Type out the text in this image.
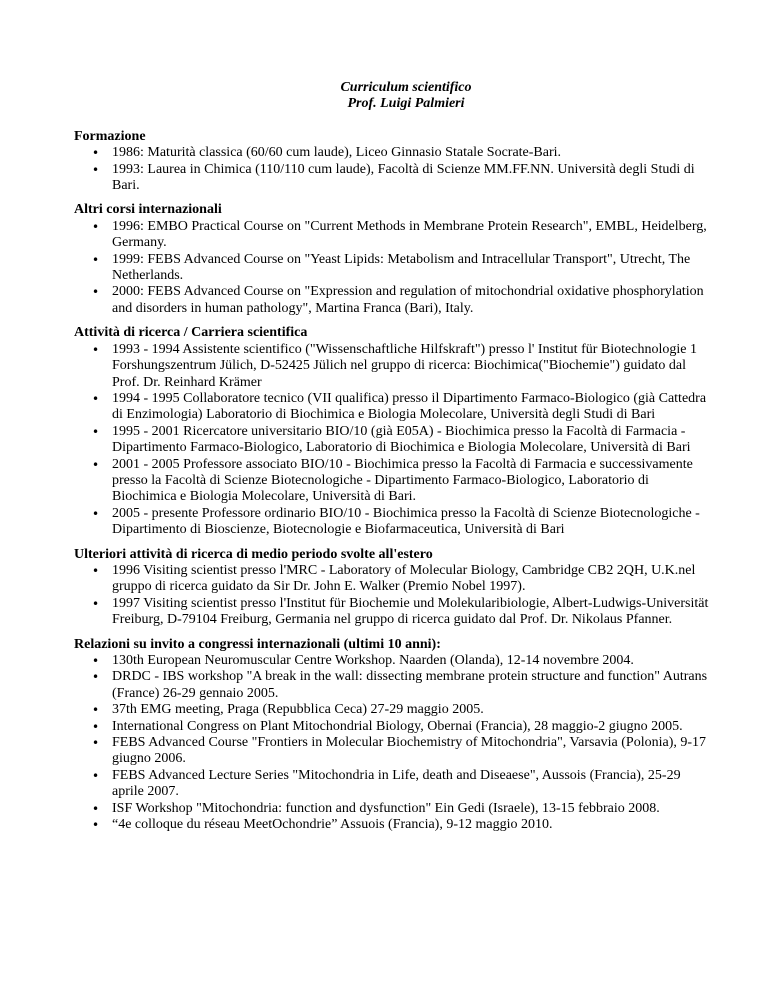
Curriculum scientifico
Prof. Luigi Palmieri
Formazione
• 1986: Maturità classica (60/60 cum laude), Liceo Ginnasio Statale Socrate-Bari.
• 1993: Laurea in Chimica (110/110 cum laude), Facoltà di Scienze MM.FF.NN. Università degli Studi di Bari.
Altri corsi internazionali
• 1996: EMBO Practical Course on "Current Methods in Membrane Protein Research", EMBL, Heidelberg, Germany.
• 1999: FEBS Advanced Course on "Yeast Lipids: Metabolism and Intracellular Transport", Utrecht, The Netherlands.
• 2000: FEBS Advanced Course on "Expression and regulation of mitochondrial oxidative phosphorylation and disorders in human pathology", Martina Franca (Bari), Italy.
Attività di ricerca / Carriera scientifica
• 1993 - 1994 Assistente scientifico ("Wissenschaftliche Hilfskraft") presso l' Institut für Biotechnologie 1 Forshungszentrum Jülich, D-52425 Jülich nel gruppo di ricerca: Biochimica("Biochemie") guidato dal Prof. Dr. Reinhard Krämer
• 1994 - 1995 Collaboratore tecnico (VII qualifica) presso il Dipartimento Farmaco-Biologico (già Cattedra di Enzimologia) Laboratorio di Biochimica e Biologia Molecolare, Università degli Studi di Bari
• 1995 - 2001 Ricercatore universitario BIO/10 (già E05A) - Biochimica presso la Facoltà di Farmacia - Dipartimento Farmaco-Biologico, Laboratorio di Biochimica e Biologia Molecolare, Università di Bari
• 2001 - 2005 Professore associato BIO/10 - Biochimica presso la Facoltà di Farmacia e successivamente presso la Facoltà di Scienze Biotecnologiche - Dipartimento Farmaco-Biologico, Laboratorio di Biochimica e Biologia Molecolare, Università di Bari.
• 2005 - presente Professore ordinario BIO/10 - Biochimica presso la Facoltà di Scienze Biotecnologiche - Dipartimento di Bioscienze, Biotecnologie e Biofarmaceutica, Università di Bari
Ulteriori attività di ricerca di medio periodo svolte all'estero
• 1996 Visiting scientist presso l'MRC - Laboratory of Molecular Biology, Cambridge CB2 2QH, U.K.nel gruppo di ricerca guidato da Sir Dr. John E. Walker (Premio Nobel 1997).
• 1997 Visiting scientist presso l'Institut für Biochemie und Molekularibiologie, Albert-Ludwigs-Universität Freiburg, D-79104 Freiburg, Germania nel gruppo di ricerca guidato dal Prof. Dr. Nikolaus Pfanner.
Relazioni su invito a congressi internazionali (ultimi 10 anni):
• 130th European Neuromuscular Centre Workshop. Naarden (Olanda), 12-14 novembre 2004.
• DRDC - IBS workshop "A break in the wall: dissecting membrane protein structure and function" Autrans (France) 26-29 gennaio 2005.
• 37th EMG meeting, Praga (Repubblica Ceca) 27-29 maggio 2005.
• International Congress on Plant Mitochondrial Biology, Obernai (Francia), 28 maggio-2 giugno 2005.
• FEBS Advanced Course "Frontiers in Molecular Biochemistry of Mitochondria", Varsavia (Polonia), 9-17 giugno 2006.
• FEBS Advanced Lecture Series "Mitochondria in Life, death and Diseaese", Aussois (Francia), 25-29 aprile 2007.
• ISF Workshop "Mitochondria: function and dysfunction" Ein Gedi (Israele), 13-15 febbraio 2008.
• “4e colloque du réseau MeetOchondrie” Assuois (Francia), 9-12 maggio 2010.
